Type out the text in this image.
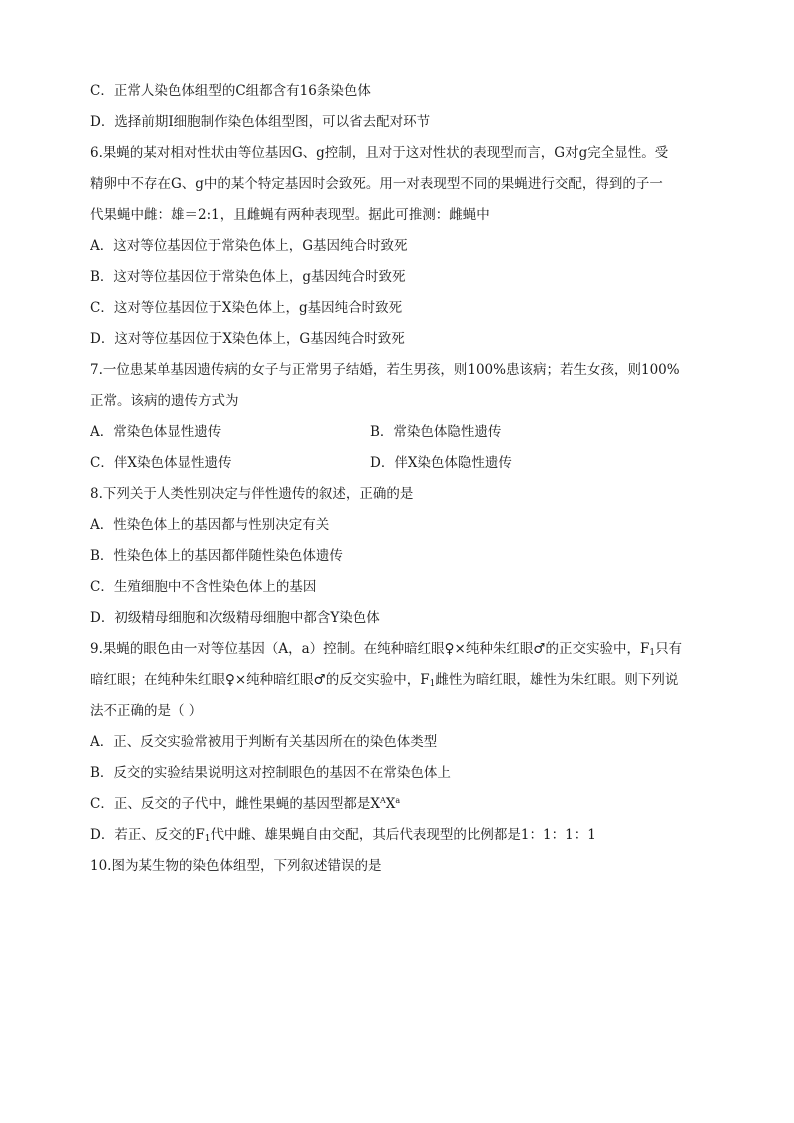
C．正常人染色体组型的C组都含有16条染色体
D．选择前期Ⅰ细胞制作染色体组型图，可以省去配对环节
6.果蝇的某对相对性状由等位基因G、g控制，且对于这对性状的表现型而言，G对g完全显性。受
精卵中不存在G、g中的某个特定基因时会致死。用一对表现型不同的果蝇进行交配，得到的子一
代果蝇中雌：雄＝2:1，且雌蝇有两种表现型。据此可推测：雌蝇中
A．这对等位基因位于常染色体上，G基因纯合时致死
B．这对等位基因位于常染色体上，g基因纯合时致死
C．这对等位基因位于X染色体上，g基因纯合时致死
D．这对等位基因位于X染色体上，G基因纯合时致死
7.一位患某单基因遗传病的女子与正常男子结婚，若生男孩，则100%患该病；若生女孩，则100%
正常。该病的遗传方式为
A．常染色体显性遗传	B．常染色体隐性遗传
C．伴X染色体显性遗传	D．伴X染色体隐性遗传
8.下列关于人类性别决定与伴性遗传的叙述，正确的是
A．性染色体上的基因都与性别决定有关
B．性染色体上的基因都伴随性染色体遗传
C．生殖细胞中不含性染色体上的基因
D．初级精母细胞和次级精母细胞中都含Y染色体
9.果蝇的眼色由一对等位基因（A，a）控制。在纯种暗红眼♀×纯种朱红眼♂的正交实验中，$F_1$只有
暗红眼；在纯种朱红眼♀×纯种暗红眼♂的反交实验中，$F_1$雌性为暗红眼，雄性为朱红眼。则下列说
法不正确的是（ ）
A．正、反交实验常被用于判断有关基因所在的染色体类型
B．反交的实验结果说明这对控制眼色的基因不在常染色体上
C．正、反交的子代中，雌性果蝇的基因型都是$X^AX^a$
D．若正、反交的$F_1$代中雌、雄果蝇自由交配，其后代表现型的比例都是1：1：1：1
10.图为某生物的染色体组型，下列叙述错误的是
